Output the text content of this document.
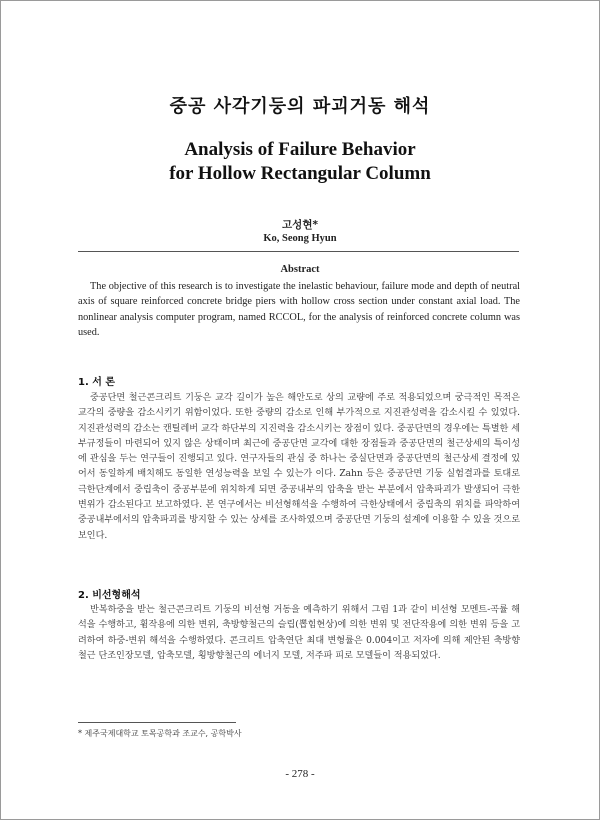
중공 사각기둥의 파괴거동 해석
Analysis of Failure Behavior
for Hollow Rectangular Column
고성현*
Ko, Seong Hyun
Abstract

The objective of this research is to investigate the inelastic behaviour, failure mode and depth of neutral axis of square reinforced concrete bridge piers with hollow cross section under constant axial load. The nonlinear analysis computer program, named RCCOL, for the analysis of reinforced concrete column was used.

1. 서 론

중공단면 철근콘크리트 기둥은 교각 길이가 높은 해안도로 상의 교량에 주로 적용되었으며 궁극적인 목적은 교각의 중량을 감소시키기 위함이었다. 또한 중량의 감소로 인해 부가적으로 지진관성력을 감소시킬 수 있었다. 지진관성력의 감소는 캔틸레버 교각 하단부의 지진력을 감소시키는 장점이 있다. 중공단면의 경우에는 특별한 세부규정들이 마련되어 있지 않은 상태이며 최근에 중공단면 교각에 대한 장점들과 중공단면의 철근상세의 특이성에 관심을 두는 연구들이 진행되고 있다. 연구자들의 관심 중 하나는 중실단면과 중공단면의 철근상세 결정에 있어서 동일하게 배치해도 동일한 연성능력을 보일 수 있는가 이다. Zahn 등은 중공단면 기둥 실험결과를 토대로 극한단계에서 중립축이 중공부분에 위치하게 되면 중공내부의 압축을 받는 부분에서 압축파괴가 발생되어 극한변위가 감소된다고 보고하였다. 본 연구에서는 비선형해석을 수행하여 극한상태에서 중립축의 위치를 파악하여 중공내부에서의 압축파괴를 방지할 수 있는 상세를 조사하였으며 중공단면 기둥의 설계에 이용할 수 있을 것으로 보인다.

2. 비선형해석

반복하중을 받는 철근콘크리트 기둥의 비선형 거동을 예측하기 위해서 그림 1과 같이 비선형 모멘트-곡률 해석을 수행하고, 휨작용에 의한 변위, 축방향철근의 슬립(뽑힘현상)에 의한 변위 및 전단작용에 의한 변위 등을 고려하여 하중-변위 해석을 수행하였다. 콘크리트 압축연단 최대 변형률은 0.004이고 저자에 의해 제안된 축방향철근 단조인장모델, 압축모델, 횡방향철근의 에너지 모델, 저주파 피로 모델들이 적용되었다.

* 제주국제대학교 토목공학과 조교수, 공학박사
- 278 -
